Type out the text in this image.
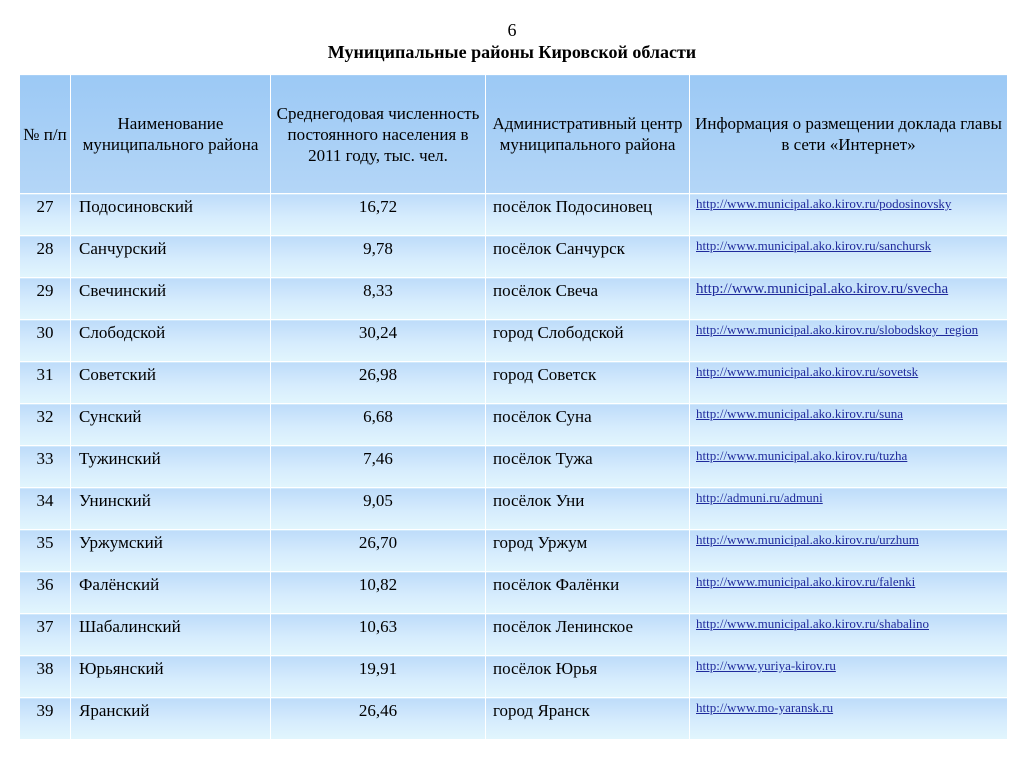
6
Муниципальные районы Кировской области
№ п/п	Наименование муниципального района	Среднегодовая численность постоянного населения в 2011 году, тыс. чел.	Административный центр муниципального района	Информация о размещении доклада главы в сети «Интернет»

27	Подосиновский	16,72	посёлок Подосиновец	http://www.municipal.ako.kirov.ru/podosinovsky

28	Санчурский	9,78	посёлок Санчурск	http://www.municipal.ako.kirov.ru/sanchursk

29	Свечинский	8,33	посёлок Свеча	http://www.municipal.ako.kirov.ru/svecha

30	Слободской	30,24	город Слободской	http://www.municipal.ako.kirov.ru/slobodskoy_region

31	Советский	26,98	город Советск	http://www.municipal.ako.kirov.ru/sovetsk

32	Сунский	6,68	посёлок Суна	http://www.municipal.ako.kirov.ru/suna

33	Тужинский	7,46	посёлок Тужа	http://www.municipal.ako.kirov.ru/tuzha

34	Унинский	9,05	посёлок Уни	http://admuni.ru/admuni

35	Уржумский	26,70	город Уржум	http://www.municipal.ako.kirov.ru/urzhum

36	Фалёнский	10,82	посёлок Фалёнки	http://www.municipal.ako.kirov.ru/falenki

37	Шабалинский	10,63	посёлок Ленинское	http://www.municipal.ako.kirov.ru/shabalino

38	Юрьянский	19,91	посёлок Юрья	http://www.yuriya-kirov.ru

39	Яранский	26,46	город Яранск	http://www.mo-yaransk.ru
